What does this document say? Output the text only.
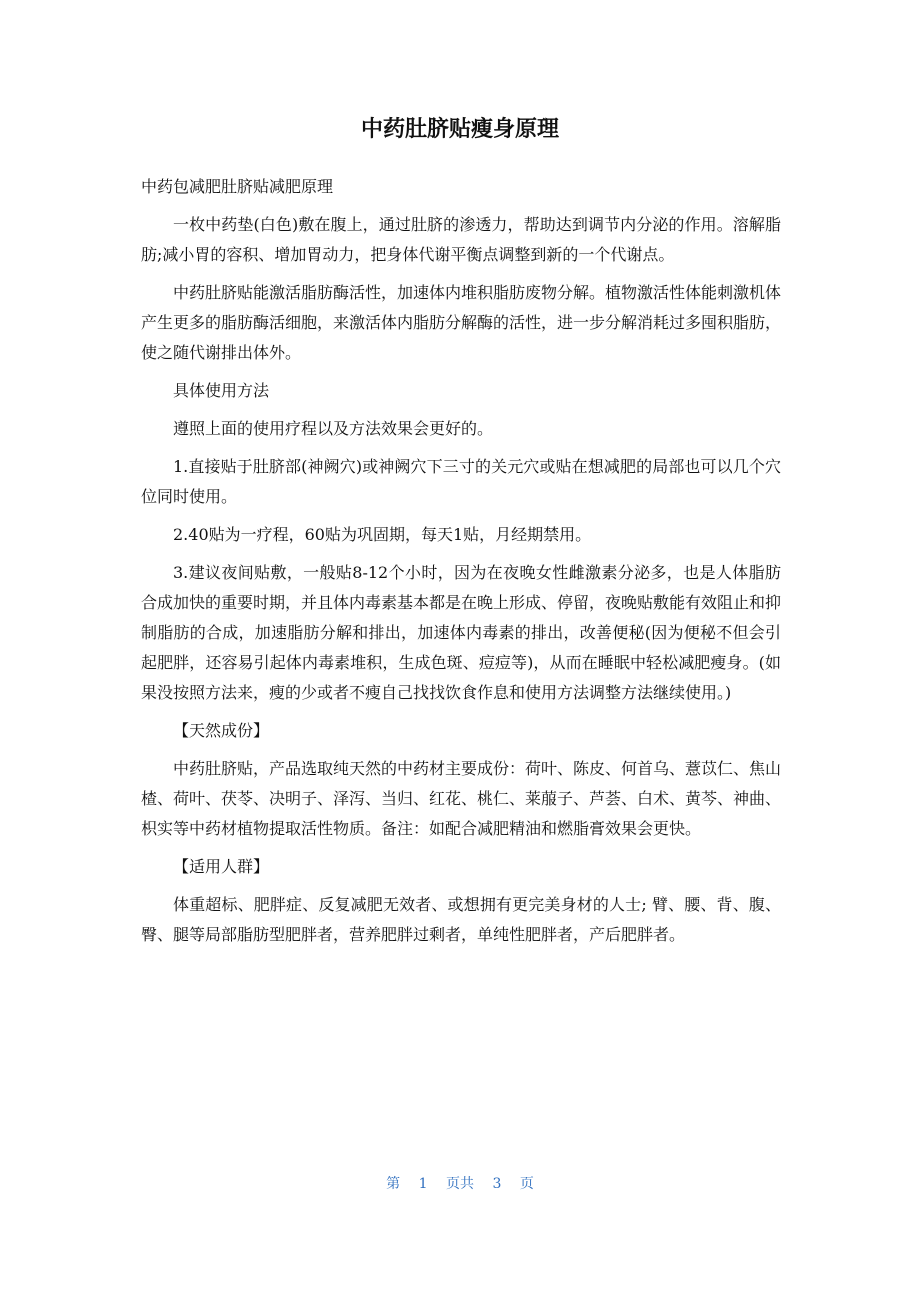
中药肚脐贴瘦身原理

中药包减肥肚脐贴减肥原理

一枚中药垫(白色)敷在腹上，通过肚脐的渗透力，帮助达到调节内分泌的作用。溶解脂肪;减小胃的容积、增加胃动力，把身体代谢平衡点调整到新的一个代谢点。

中药肚脐贴能激活脂肪酶活性，加速体内堆积脂肪废物分解。植物激活性体能刺激机体产生更多的脂肪酶活细胞，来激活体内脂肪分解酶的活性，进一步分解消耗过多囤积脂肪，使之随代谢排出体外。

具体使用方法

遵照上面的使用疗程以及方法效果会更好的。

1.直接贴于肚脐部(神阙穴)或神阙穴下三寸的关元穴或贴在想减肥的局部也可以几个穴位同时使用。

2.40贴为一疗程，60贴为巩固期，每天1贴，月经期禁用。

3.建议夜间贴敷，一般贴8-12个小时，因为在夜晚女性雌激素分泌多，也是人体脂肪合成加快的重要时期，并且体内毒素基本都是在晚上形成、停留，夜晚贴敷能有效阻止和抑制脂肪的合成，加速脂肪分解和排出，加速体内毒素的排出，改善便秘(因为便秘不但会引起肥胖，还容易引起体内毒素堆积，生成色斑、痘痘等)，从而在睡眠中轻松减肥瘦身。(如果没按照方法来，瘦的少或者不瘦自己找找饮食作息和使用方法调整方法继续使用。)

【天然成份】

中药肚脐贴，产品选取纯天然的中药材主要成份：荷叶、陈皮、何首乌、薏苡仁、焦山楂、荷叶、茯苓、决明子、泽泻、当归、红花、桃仁、莱菔子、芦荟、白术、黄芩、神曲、枳实等中药材植物提取活性物质。备注：如配合减肥精油和燃脂膏效果会更快。

【适用人群】

体重超标、肥胖症、反复减肥无效者、或想拥有更完美身材的人士; 臂、腰、背、腹、臀、腿等局部脂肪型肥胖者，营养肥胖过剩者，单纯性肥胖者，产后肥胖者。

第 1 页共 3 页
